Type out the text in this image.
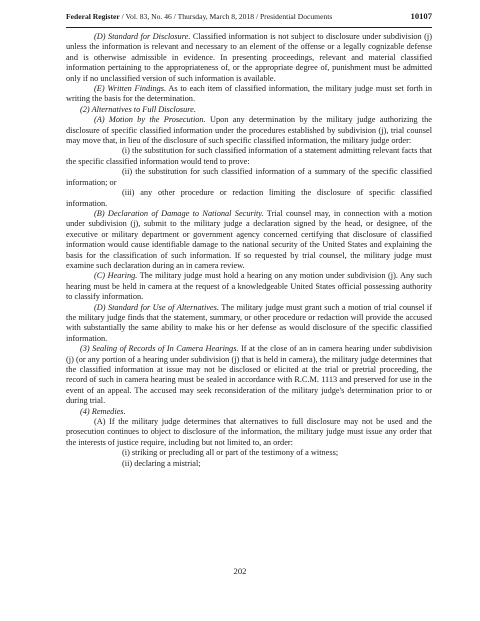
Federal Register / Vol. 83, No. 46 / Thursday, March 8, 2018 / Presidential Documents	10107

(D) Standard for Disclosure. Classified information is not subject to disclosure under subdivision (j) unless the information is relevant and necessary to an element of the offense or a legally cognizable defense and is otherwise admissible in evidence. In presenting proceedings, relevant and material classified information pertaining to the appropriateness of, or the appropriate degree of, punishment must be admitted only if no unclassified version of such information is available.

(E) Written Findings. As to each item of classified information, the military judge must set forth in writing the basis for the determination.

(2) Alternatives to Full Disclosure.

(A) Motion by the Prosecution. Upon any determination by the military judge authorizing the disclosure of specific classified information under the procedures established by subdivision (j), trial counsel may move that, in lieu of the disclosure of such specific classified information, the military judge order:

(i) the substitution for such classified information of a statement admitting relevant facts that the specific classified information would tend to prove:

(ii) the substitution for such classified information of a summary of the specific classified information; or

(iii) any other procedure or redaction limiting the disclosure of specific classified information.

(B) Declaration of Damage to National Security. Trial counsel may, in connection with a motion under subdivision (j), submit to the military judge a declaration signed by the head, or designee, of the executive or military department or government agency concerned certifying that disclosure of classified information would cause identifiable damage to the national security of the United States and explaining the basis for the classification of such information. If so requested by trial counsel, the military judge must examine such declaration during an in camera review.

(C) Hearing. The military judge must hold a hearing on any motion under subdivision (j). Any such hearing must be held in camera at the request of a knowledgeable United States official possessing authority to classify information.

(D) Standard for Use of Alternatives. The military judge must grant such a motion of trial counsel if the military judge finds that the statement, summary, or other procedure or redaction will provide the accused with substantially the same ability to make his or her defense as would disclosure of the specific classified information.

(3) Sealing of Records of In Camera Hearings. If at the close of an in camera hearing under subdivision (j) (or any portion of a hearing under subdivision (j) that is held in camera), the military judge determines that the classified information at issue may not be disclosed or elicited at the trial or pretrial proceeding, the record of such in camera hearing must be sealed in accordance with R.C.M. 1113 and preserved for use in the event of an appeal. The accused may seek reconsideration of the military judge's determination prior to or during trial.

(4) Remedies.

(A) If the military judge determines that alternatives to full disclosure may not be used and the prosecution continues to object to disclosure of the information, the military judge must issue any order that the interests of justice require, including but not limited to, an order:

(i) striking or precluding all or part of the testimony of a witness;

(ii) declaring a mistrial;

202
